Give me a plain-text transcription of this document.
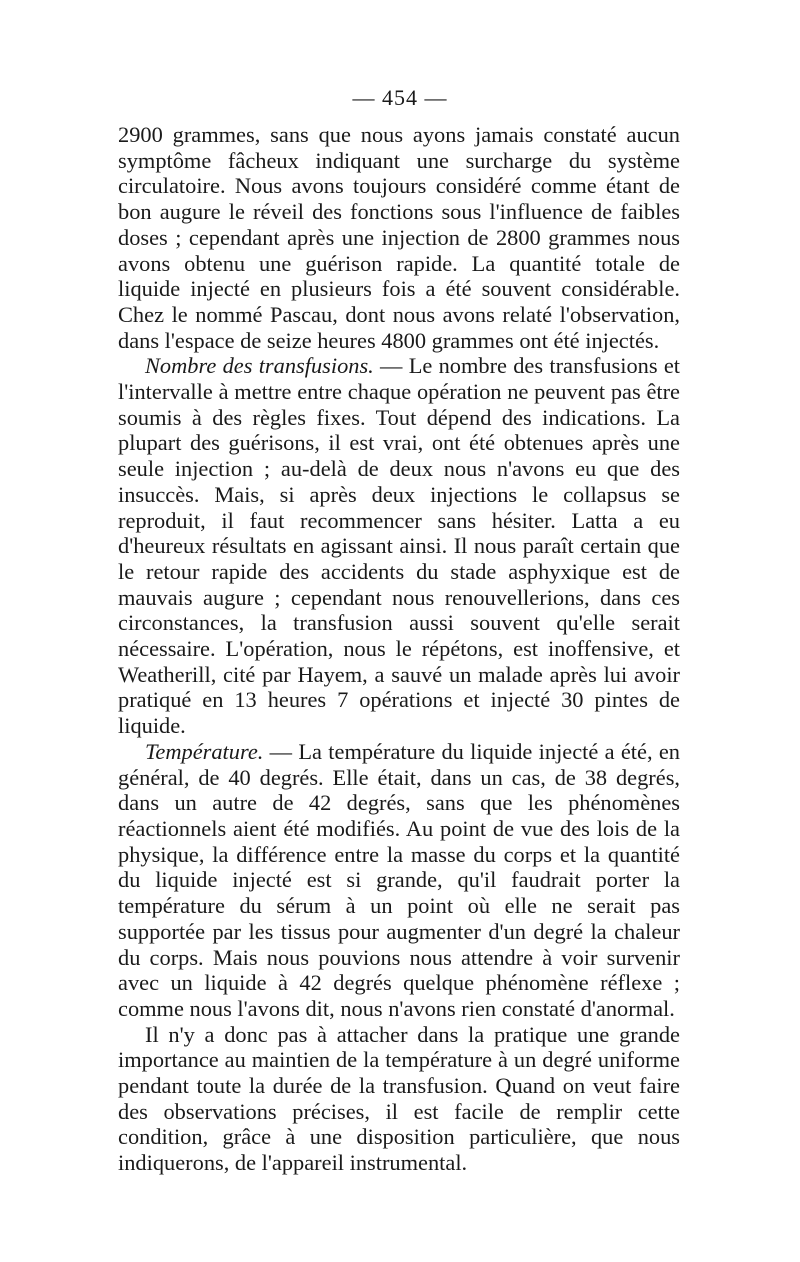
— 454 —

2900 grammes, sans que nous ayons jamais constaté aucun symptôme fâcheux indiquant une surcharge du système circulatoire. Nous avons toujours considéré comme étant de bon augure le réveil des fonctions sous l'influence de faibles doses ; cependant après une injection de 2800 grammes nous avons obtenu une guérison rapide. La quantité totale de liquide injecté en plusieurs fois a été souvent considérable. Chez le nommé Pascau, dont nous avons relaté l'observation, dans l'espace de seize heures 4800 grammes ont été injectés.

Nombre des transfusions. — Le nombre des transfusions et l'intervalle à mettre entre chaque opération ne peuvent pas être soumis à des règles fixes. Tout dépend des indications. La plupart des guérisons, il est vrai, ont été obtenues après une seule injection ; au-delà de deux nous n'avons eu que des insuccès. Mais, si après deux injections le collapsus se reproduit, il faut recommencer sans hésiter. Latta a eu d'heureux résultats en agissant ainsi. Il nous paraît certain que le retour rapide des accidents du stade asphyxique est de mauvais augure ; cependant nous renouvellerions, dans ces circonstances, la transfusion aussi souvent qu'elle serait nécessaire. L'opération, nous le répétons, est inoffensive, et Weatherill, cité par Hayem, a sauvé un malade après lui avoir pratiqué en 13 heures 7 opérations et injecté 30 pintes de liquide.

Température. — La température du liquide injecté a été, en général, de 40 degrés. Elle était, dans un cas, de 38 degrés, dans un autre de 42 degrés, sans que les phénomènes réactionnels aient été modifiés. Au point de vue des lois de la physique, la différence entre la masse du corps et la quantité du liquide injecté est si grande, qu'il faudrait porter la température du sérum à un point où elle ne serait pas supportée par les tissus pour augmenter d'un degré la chaleur du corps. Mais nous pouvions nous attendre à voir survenir avec un liquide à 42 degrés quelque phénomène réflexe ; comme nous l'avons dit, nous n'avons rien constaté d'anormal.

Il n'y a donc pas à attacher dans la pratique une grande importance au maintien de la température à un degré uniforme pendant toute la durée de la transfusion. Quand on veut faire des observations précises, il est facile de remplir cette condition, grâce à une disposition particulière, que nous indiquerons, de l'appareil instrumental.
